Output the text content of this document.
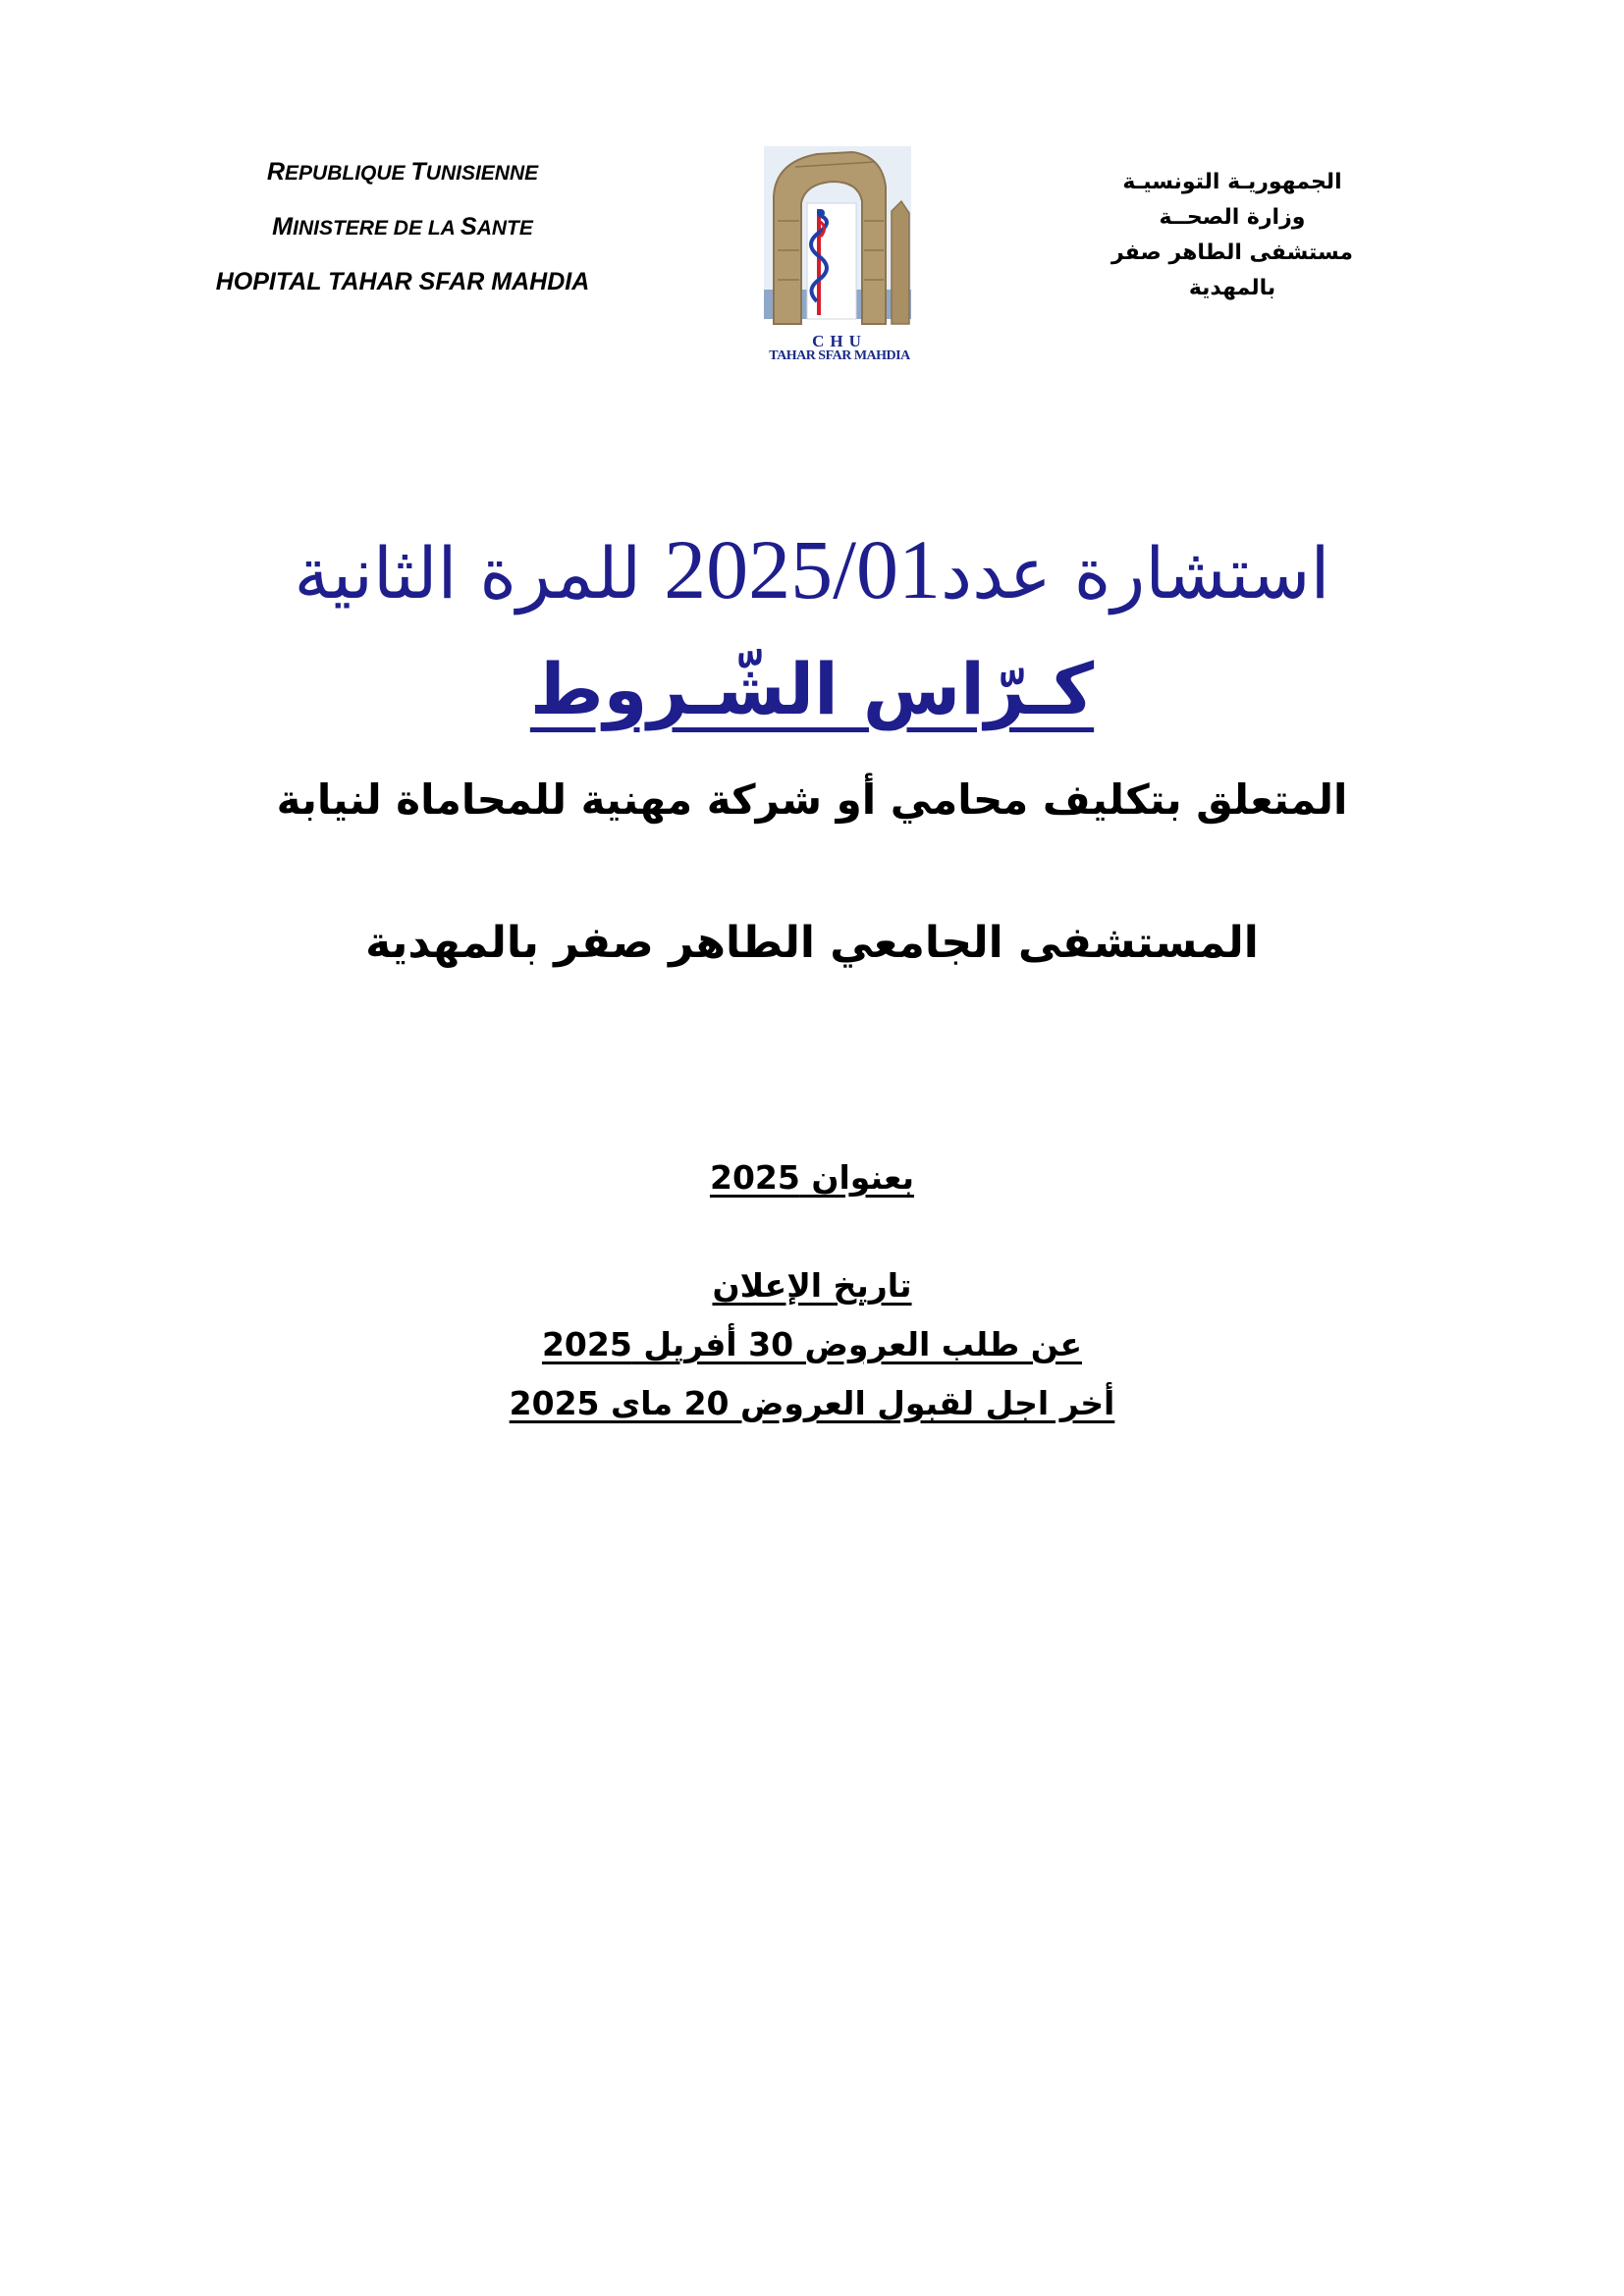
REPUBLIQUE TUNISIENNE
MINISTERE DE LA SANTE
HOPITAL TAHAR SFAR MAHDIA
CHU
TAHAR SFAR MAHDIA
الجمهوريـة التونسيـة
وزارة الصحــة
مستشفى الطاهر صفر بالمهدية
استشارة عدد2025/01 للمرة الثانية
كـرّاس الشّـروط
المتعلق بتكليف محامي أو شركة مهنية للمحاماة لنيابة
المستشفى الجامعي الطاهر صفر بالمهدية
بعنوان 2025
تاريخ الإعلان
عن طلب العروض 30 أفريل 2025
أخر اجل لقبول العروض 20 ماى 2025
